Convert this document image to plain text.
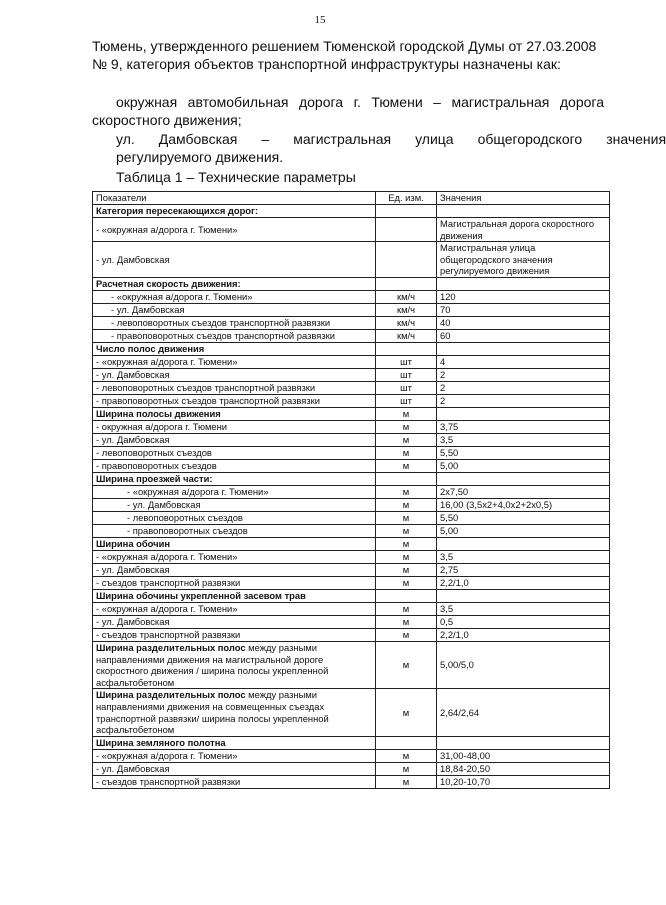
15
Тюмень, утвержденного решением Тюменской городской Думы от 27.03.2008 № 9, категория объектов транспортной инфраструктуры назначены как:
окружная автомобильная дорога г. Тюмени – магистральная дорога скоростного движения;
ул.	Дамбовская	–	магистральная	улица	общегородского	значения
регулируемого движения.
Таблица 1 – Технические параметры
Показатели	Ед. изм.	Значения
Категория пересекающихся дорог:		
- «окружная а/дорога г. Тюмени»		Магистральная дорога скоростного движения
- ул. Дамбовская		Магистральная улица общегородского значения регулируемого движения
Расчетная скорость движения:		
- «окружная а/дорога г. Тюмени»	км/ч	120
- ул. Дамбовская	км/ч	70
- левоповоротных съездов транспортной развязки	км/ч	40
- правоповоротных съездов транспортной развязки	км/ч	60
Число полос движения		
- «окружная а/дорога г. Тюмени»	шт	4
- ул. Дамбовская	шт	2
- левоповоротных съездов транспортной развязки	шт	2
- правоповоротных съездов транспортной развязки	шт	2
Ширина полосы движения	м	
- окружная а/дорога г. Тюмени	м	3,75
- ул. Дамбовская	м	3,5
- левоповоротных съездов	м	5,50
- правоповоротных съездов	м	5,00
Ширина проезжей части:		
- «окружная а/дорога г. Тюмени»	м	2х7,50
- ул. Дамбовская	м	16,00 (3,5х2+4,0х2+2х0,5)
- левоповоротных съездов	м	5,50
- правоповоротных съездов	м	5,00
Ширина обочин	м	
- «окружная а/дорога г. Тюмени»	м	3,5
- ул. Дамбовская	м	2,75
- съездов транспортной развязки	м	2,2/1,0
Ширина обочины укрепленной засевом трав		
- «окружная а/дорога г. Тюмени»	м	3,5
- ул. Дамбовская	м	0,5
- съездов транспортной развязки	м	2,2/1,0
Ширина разделительных полос между разными направлениями движения на магистральной дороге скоростного движения / ширина полосы укрепленной асфальтобетоном	м	5,00/5,0
Ширина разделительных полос между разными направлениями движения на совмещенных съездах транспортной развязки/ ширина полосы укрепленной асфальтобетоном	м	2,64/2,64
Ширина земляного полотна		
- «окружная а/дорога г. Тюмени»	м	31,00-48,00
- ул. Дамбовская	м	18,84-20,50
- съездов транспортной развязки	м	10,20-10,70
